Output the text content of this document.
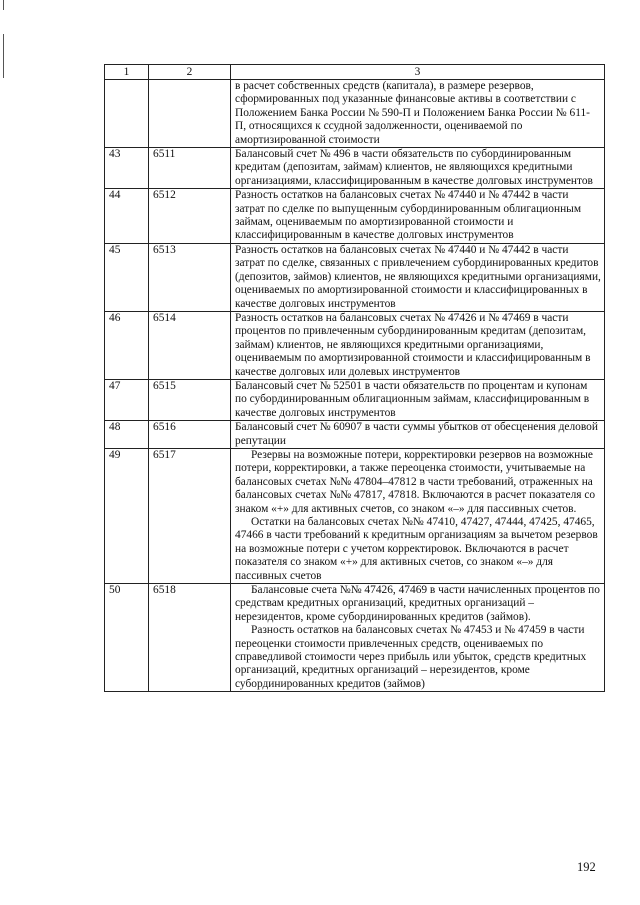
1	2	3

		в расчет собственных средств (капитала), в размере резервов, сформированных под указанные финансовые активы в соответствии с Положением Банка России № 590-П и Положением Банка России № 611-П, относящихся к ссудной задолженности, оцениваемой по амортизированной стоимости

43	6511	Балансовый счет № 496 в части обязательств по субординированным кредитам (депозитам, займам) клиентов, не являющихся кредитными организациями, классифицированным в качестве долговых инструментов

44	6512	Разность остатков на балансовых счетах № 47440 и № 47442 в части затрат по сделке по выпущенным субординированным облигационным займам, оцениваемым по амортизированной стоимости и классифицированным в качестве долговых инструментов

45	6513	Разность остатков на балансовых счетах № 47440 и № 47442 в части затрат по сделке, связанных с привлечением субординированных кредитов (депозитов, займов) клиентов, не являющихся кредитными организациями, оцениваемых по амортизированной стоимости и классифицированных в качестве долговых инструментов

46	6514	Разность остатков на балансовых счетах № 47426 и № 47469 в части процентов по привлеченным субординированным кредитам (депозитам, займам) клиентов, не являющихся кредитными организациями, оцениваемым по амортизированной стоимости и классифицированным в качестве долговых или долевых инструментов

47	6515	Балансовый счет № 52501 в части обязательств по процентам и купонам по субординированным облигационным займам, классифицированным в качестве долговых инструментов

48	6516	Балансовый счет № 60907 в части суммы убытков от обесценения деловой репутации

49	6517	Резервы на возможные потери, корректировки резервов на возможные потери, корректировки, а также переоценка стоимости, учитываемые на балансовых счетах №№ 47804–47812 в части требований, отраженных на балансовых счетах №№ 47817, 47818. Включаются в расчет показателя со знаком «+» для активных счетов, со знаком «–» для пассивных счетов.

Остатки на балансовых счетах №№ 47410, 47427, 47444, 47425, 47465, 47466 в части требований к кредитным организациям за вычетом резервов на возможные потери с учетом корректировок. Включаются в расчет показателя со знаком «+» для активных счетов, со знаком «–» для пассивных счетов

50	6518	Балансовые счета №№ 47426, 47469 в части начисленных процентов по средствам кредитных организаций, кредитных организаций – нерезидентов, кроме субординированных кредитов (займов).

Разность остатков на балансовых счетах № 47453 и № 47459 в части переоценки стоимости привлеченных средств, оцениваемых по справедливой стоимости через прибыль или убыток, средств кредитных организаций, кредитных организаций – нерезидентов, кроме субординированных кредитов (займов)

192
